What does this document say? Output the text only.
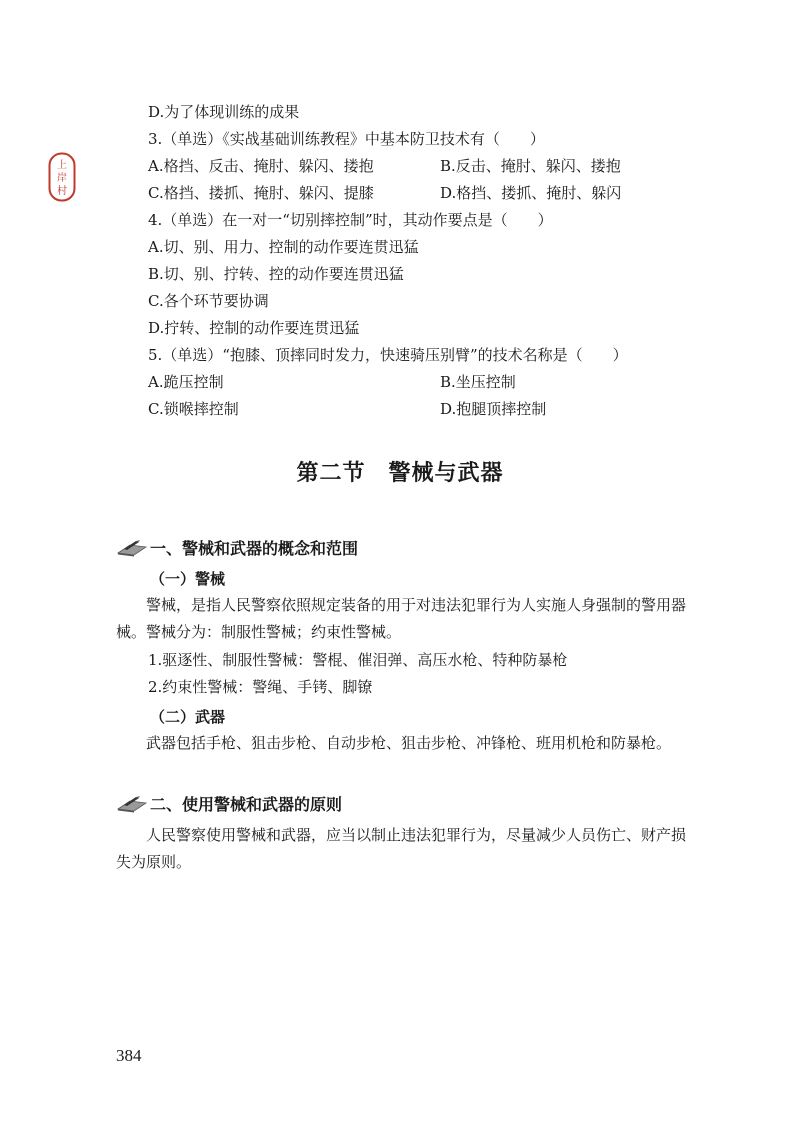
上
岸
村
D.为了体现训练的成果
3.（单选）《实战基础训练教程》中基本防卫技术有（　　）
A.格挡、反击、掩肘、躲闪、搂抱	B.反击、掩肘、躲闪、搂抱
C.格挡、搂抓、掩肘、躲闪、提膝	D.格挡、搂抓、掩肘、躲闪
4.（单选）在一对一“切别摔控制”时，其动作要点是（　　）
A.切、别、用力、控制的动作要连贯迅猛
B.切、别、拧转、控的动作要连贯迅猛
C.各个环节要协调
D.拧转、控制的动作要连贯迅猛
5.（单选）“抱膝、顶摔同时发力，快速骑压别臂”的技术名称是（　　）
A.跪压控制	B.坐压控制
C.锁喉摔控制	D.抱腿顶摔控制
第二节　警械与武器
一、警械和武器的概念和范围
（一）警械
警械，是指人民警察依照规定装备的用于对违法犯罪行为人实施人身强制的警用器械。警械分为：制服性警械；约束性警械。
1.驱逐性、制服性警械：警棍、催泪弹、高压水枪、特种防暴枪
2.约束性警械：警绳、手铐、脚镣
（二）武器
武器包括手枪、狙击步枪、自动步枪、狙击步枪、冲锋枪、班用机枪和防暴枪。
二、使用警械和武器的原则
人民警察使用警械和武器，应当以制止违法犯罪行为，尽量减少人员伤亡、财产损失为原则。
384
